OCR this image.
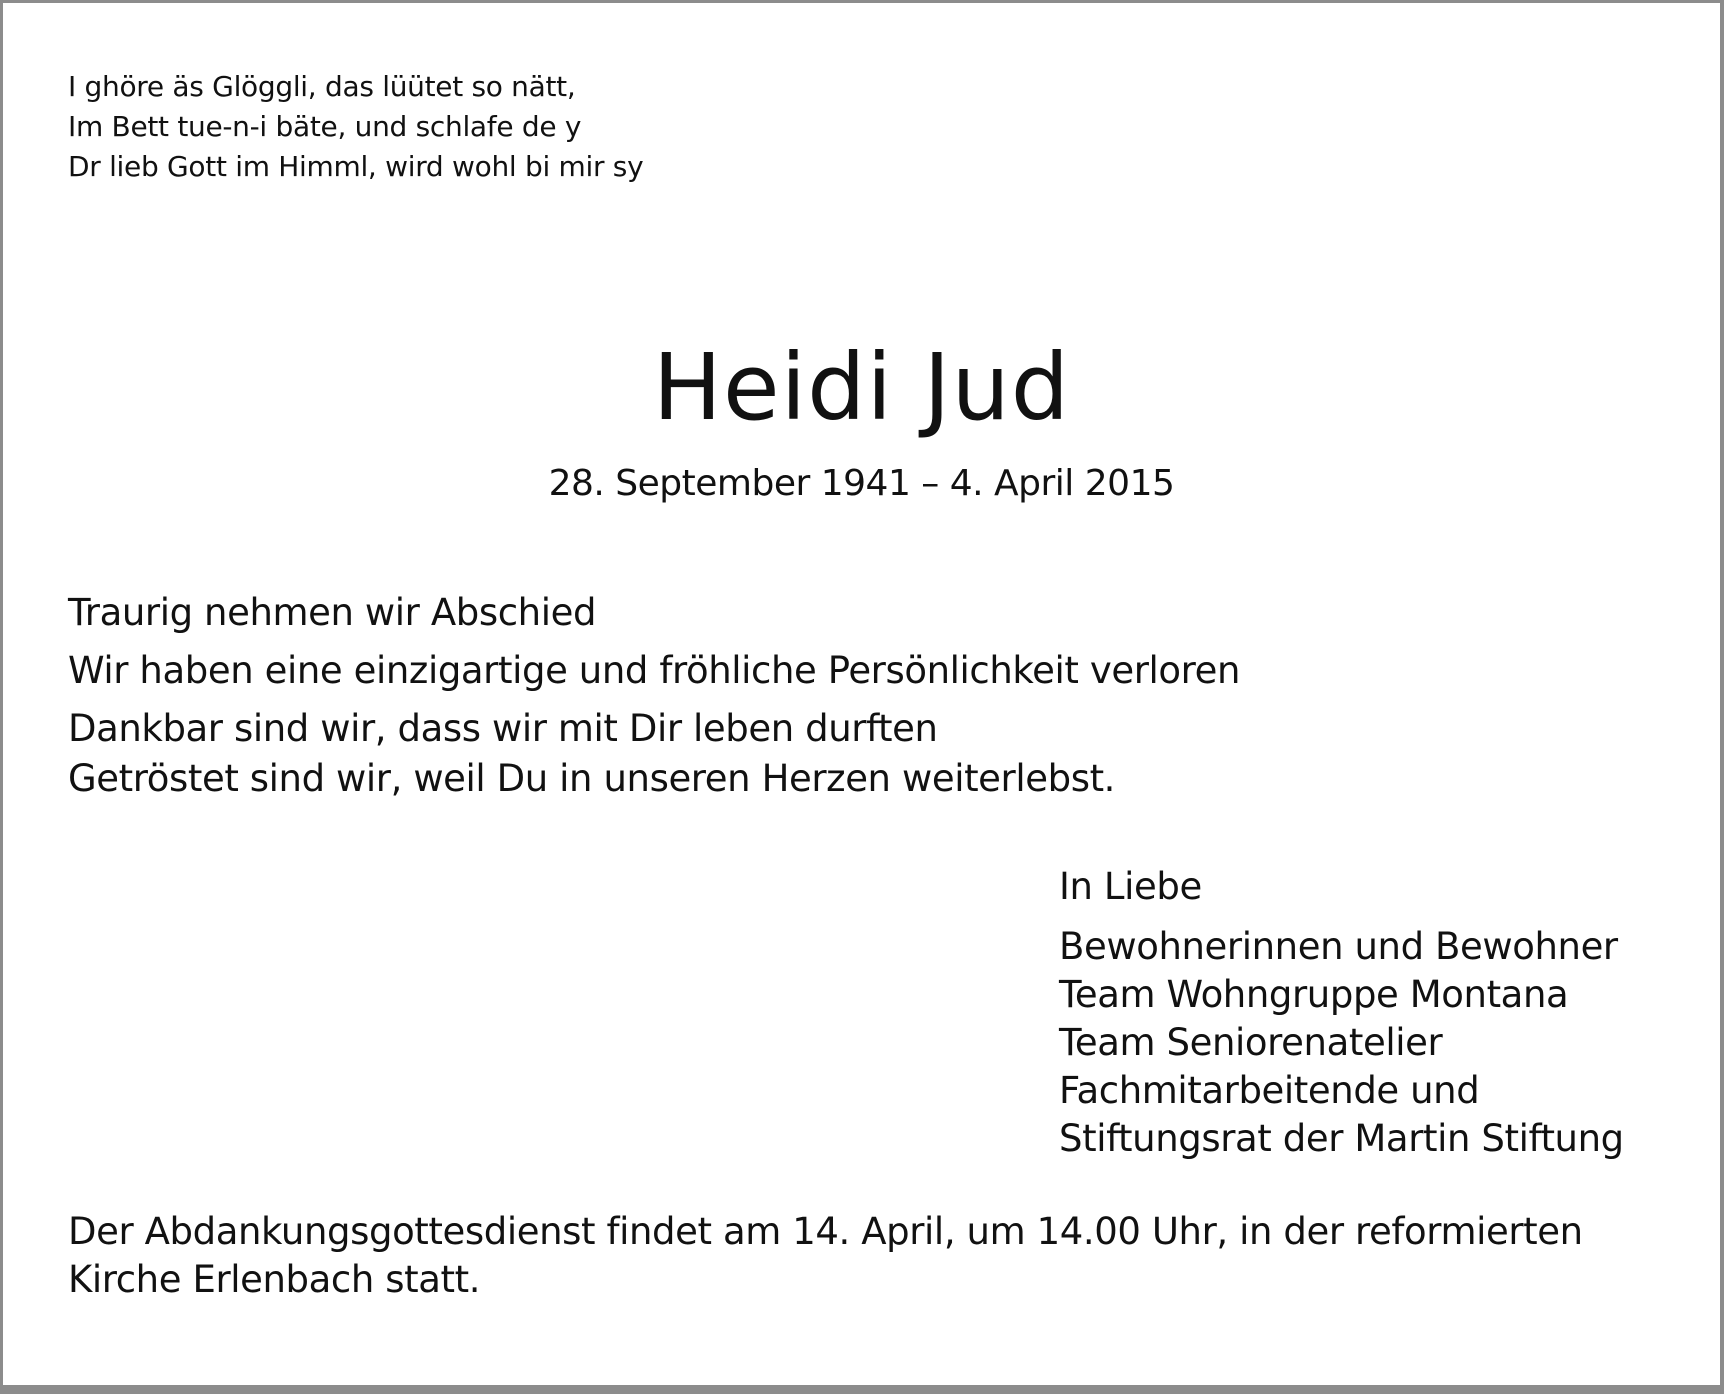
I ghöre äs Glöggli, das lüütet so nätt,
Im Bett tue-n-i bäte, und schlafe de y
Dr lieb Gott im Himml, wird wohl bi mir sy
Heidi Jud
28. September 1941 – 4. April 2015
Traurig nehmen wir Abschied
Wir haben eine einzigartige und fröhliche Persönlichkeit verloren
Dankbar sind wir, dass wir mit Dir leben durften
Getröstet sind wir, weil Du in unseren Herzen weiterlebst.
In Liebe
Bewohnerinnen und Bewohner
Team Wohngruppe Montana
Team Seniorenatelier
Fachmitarbeitende und
Stiftungsrat der Martin Stiftung
Der Abdankungsgottesdienst findet am 14. April, um 14.00 Uhr, in der reformierten Kirche Erlenbach statt.
